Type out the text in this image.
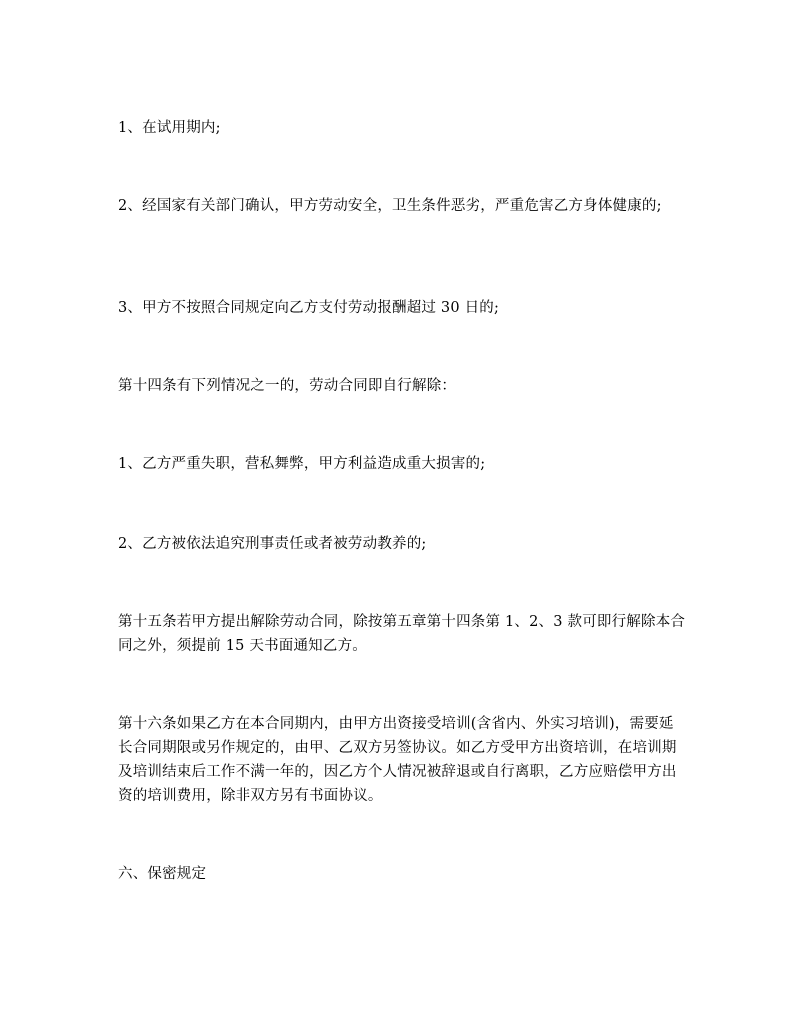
1、在试用期内;

2、经国家有关部门确认，甲方劳动安全，卫生条件恶劣，严重危害乙方身体健康的;

3、甲方不按照合同规定向乙方支付劳动报酬超过 30 日的;

第十四条有下列情况之一的，劳动合同即自行解除：

1、乙方严重失职，营私舞弊，甲方利益造成重大损害的;

2、乙方被依法追究刑事责任或者被劳动教养的;

第十五条若甲方提出解除劳动合同，除按第五章第十四条第 1、2、3 款可即行解除本合同之外，须提前 15 天书面通知乙方。

第十六条如果乙方在本合同期内，由甲方出资接受培训(含省内、外实习培训)，需要延长合同期限或另作规定的，由甲、乙双方另签协议。如乙方受甲方出资培训，在培训期及培训结束后工作不满一年的，因乙方个人情况被辞退或自行离职，乙方应赔偿甲方出资的培训费用，除非双方另有书面协议。

六、保密规定
